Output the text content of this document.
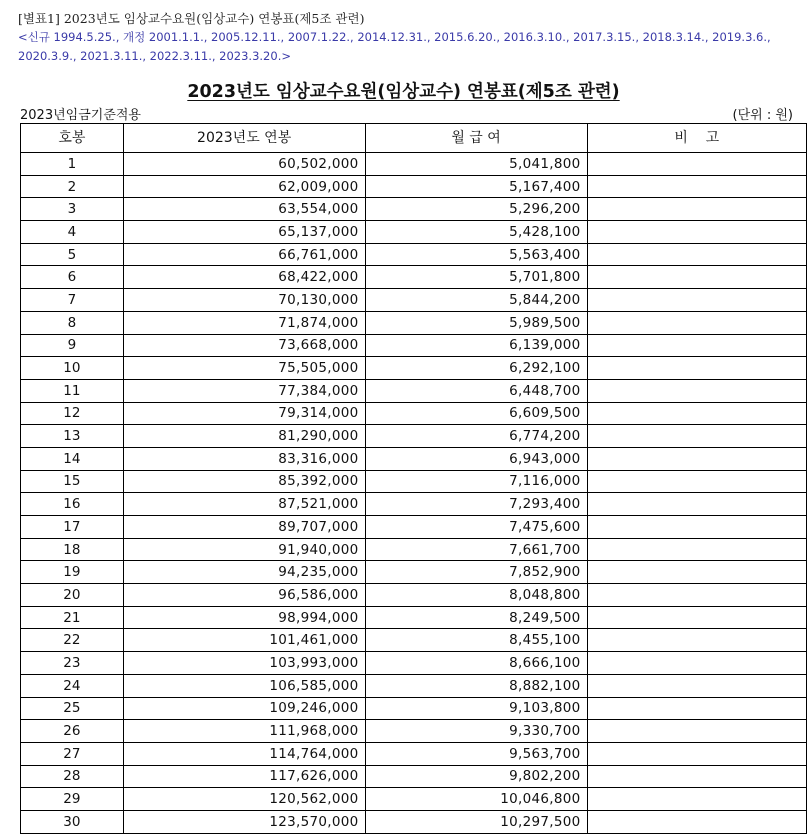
[별표1] 2023년도 임상교수요원(임상교수) 연봉표(제5조 관련)
<신규 1994.5.25., 개정 2001.1.1., 2005.12.11., 2007.1.22., 2014.12.31., 2015.6.20., 2016.3.10., 2017.3.15., 2018.3.14., 2019.3.6., 2020.3.9., 2021.3.11., 2022.3.11., 2023.3.20.>
2023년도 임상교수요원(임상교수) 연봉표(제5조 관련)
2023년임금기준적용	(단위 : 원)
호봉	2023년도 연봉	월 급 여	비    고
1	60,502,000	5,041,800	
2	62,009,000	5,167,400	
3	63,554,000	5,296,200	
4	65,137,000	5,428,100	
5	66,761,000	5,563,400	
6	68,422,000	5,701,800	
7	70,130,000	5,844,200	
8	71,874,000	5,989,500	
9	73,668,000	6,139,000	
10	75,505,000	6,292,100	
11	77,384,000	6,448,700	
12	79,314,000	6,609,500	
13	81,290,000	6,774,200	
14	83,316,000	6,943,000	
15	85,392,000	7,116,000	
16	87,521,000	7,293,400	
17	89,707,000	7,475,600	
18	91,940,000	7,661,700	
19	94,235,000	7,852,900	
20	96,586,000	8,048,800	
21	98,994,000	8,249,500	
22	101,461,000	8,455,100	
23	103,993,000	8,666,100	
24	106,585,000	8,882,100	
25	109,246,000	9,103,800	
26	111,968,000	9,330,700	
27	114,764,000	9,563,700	
28	117,626,000	9,802,200	
29	120,562,000	10,046,800	
30	123,570,000	10,297,500	
